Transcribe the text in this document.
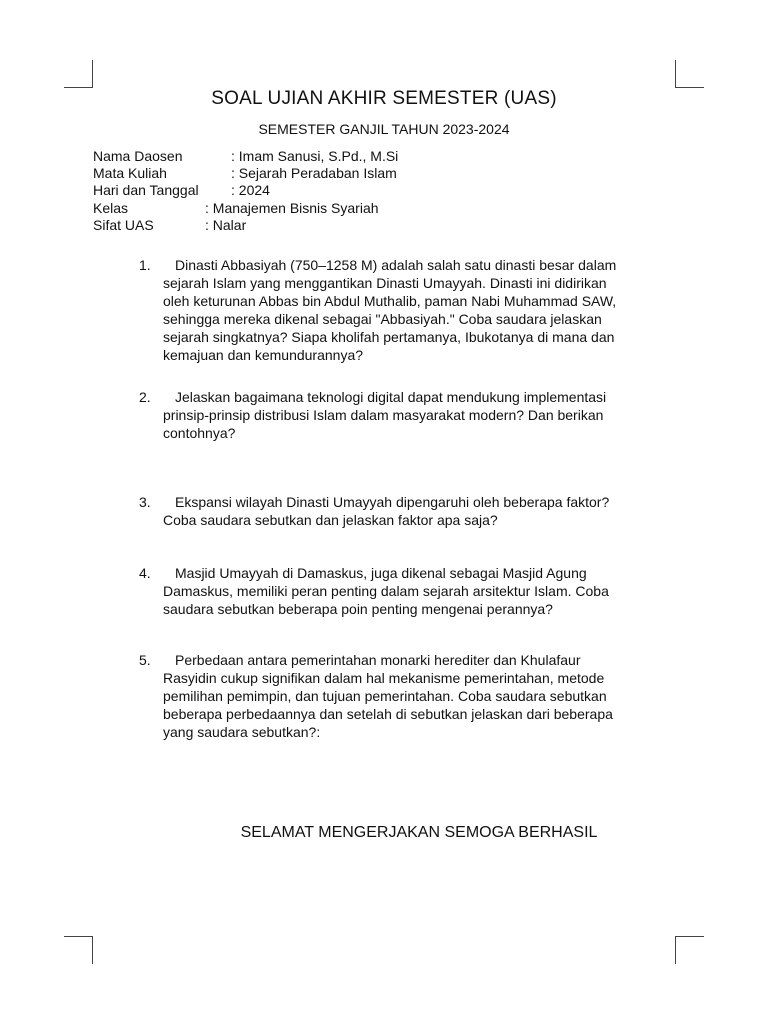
SOAL UJIAN AKHIR SEMESTER (UAS)
SEMESTER GANJIL TAHUN 2023-2024
Nama Daosen	: Imam Sanusi, S.Pd., M.Si
Mata Kuliah	: Sejarah Peradaban Islam
Hari dan Tanggal : 2024
Kelas	: Manajemen Bisnis Syariah
Sifat UAS	: Nalar
1.	Dinasti Abbasiyah (750–1258 M) adalah salah satu dinasti besar dalam
sejarah Islam yang menggantikan Dinasti Umayyah. Dinasti ini didirikan
oleh keturunan Abbas bin Abdul Muthalib, paman Nabi Muhammad SAW,
sehingga mereka dikenal sebagai "Abbasiyah." Coba saudara jelaskan
sejarah singkatnya? Siapa kholifah pertamanya, Ibukotanya di mana dan
kemajuan dan kemundurannya?
2.	Jelaskan bagaimana teknologi digital dapat mendukung implementasi
prinsip-prinsip distribusi Islam dalam masyarakat modern? Dan berikan
contohnya?
3.	Ekspansi wilayah Dinasti Umayyah dipengaruhi oleh beberapa faktor?
Coba saudara sebutkan dan jelaskan faktor apa saja?
4.	Masjid Umayyah di Damaskus, juga dikenal sebagai Masjid Agung
Damaskus, memiliki peran penting dalam sejarah arsitektur Islam. Coba
saudara sebutkan beberapa poin penting mengenai perannya?
5.	Perbedaan antara pemerintahan monarki herediter dan Khulafaur
Rasyidin cukup signifikan dalam hal mekanisme pemerintahan, metode
pemilihan pemimpin, dan tujuan pemerintahan. Coba saudara sebutkan
beberapa perbedaannya dan setelah di sebutkan jelaskan dari beberapa
yang saudara sebutkan?:
SELAMAT MENGERJAKAN SEMOGA BERHASIL
